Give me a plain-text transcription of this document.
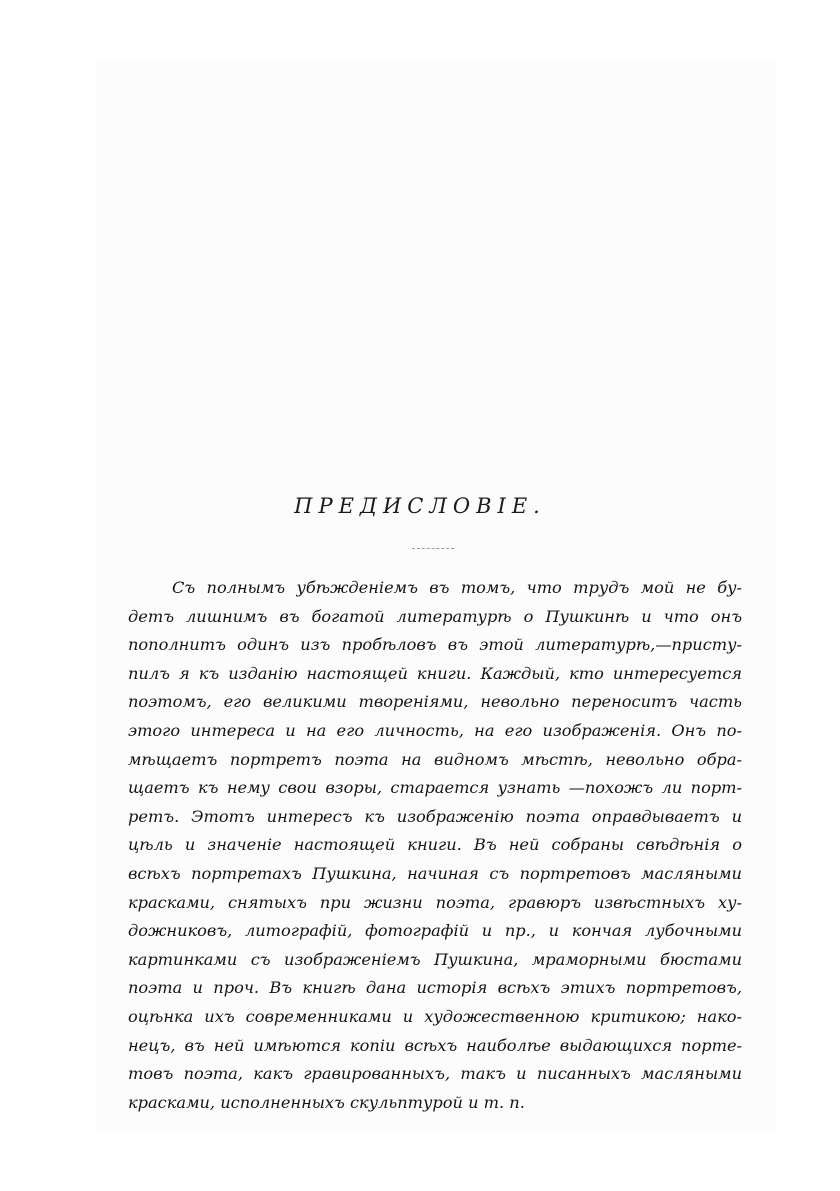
ПРЕДИСЛОВIЕ.
Съ полнымъ убѣжденіемъ въ томъ, что трудъ мой не бу-
детъ лишнимъ въ богатой литературѣ о Пушкинѣ и что онъ
пополнитъ одинъ изъ пробѣловъ въ этой литературѣ,—присту-
пилъ я къ изданію настоящей книги. Каждый, кто интересуется
поэтомъ, его великими твореніями, невольно переноситъ часть
этого интереса и на его личность, на его изображенія. Онъ по-
мѣщаетъ портретъ поэта на видномъ мѣстѣ, невольно обра-
щаетъ къ нему свои взоры, старается узнать —похожъ ли порт-
ретъ. Этотъ интересъ къ изображенію поэта оправдываетъ и
цѣль и значеніе настоящей книги. Въ ней собраны свѣдѣнія о
всѣхъ портретахъ Пушкина, начиная съ портретовъ масляными
красками, снятыхъ при жизни поэта, гравюръ извѣстныхъ ху-
дожниковъ, литографій, фотографій и пр., и кончая лубочными
картинками съ изображеніемъ Пушкина, мраморными бюстами
поэта и проч. Въ книгѣ дана исторія всѣхъ этихъ портретовъ,
оцѣнка ихъ современниками и художественною критикою; нако-
нецъ, въ ней имѣются копіи всѣхъ наиболѣе выдающихся порте-
товъ поэта, какъ гравированныхъ, такъ и писанныхъ масляными
красками, исполненныхъ скульптурой и т. п.
